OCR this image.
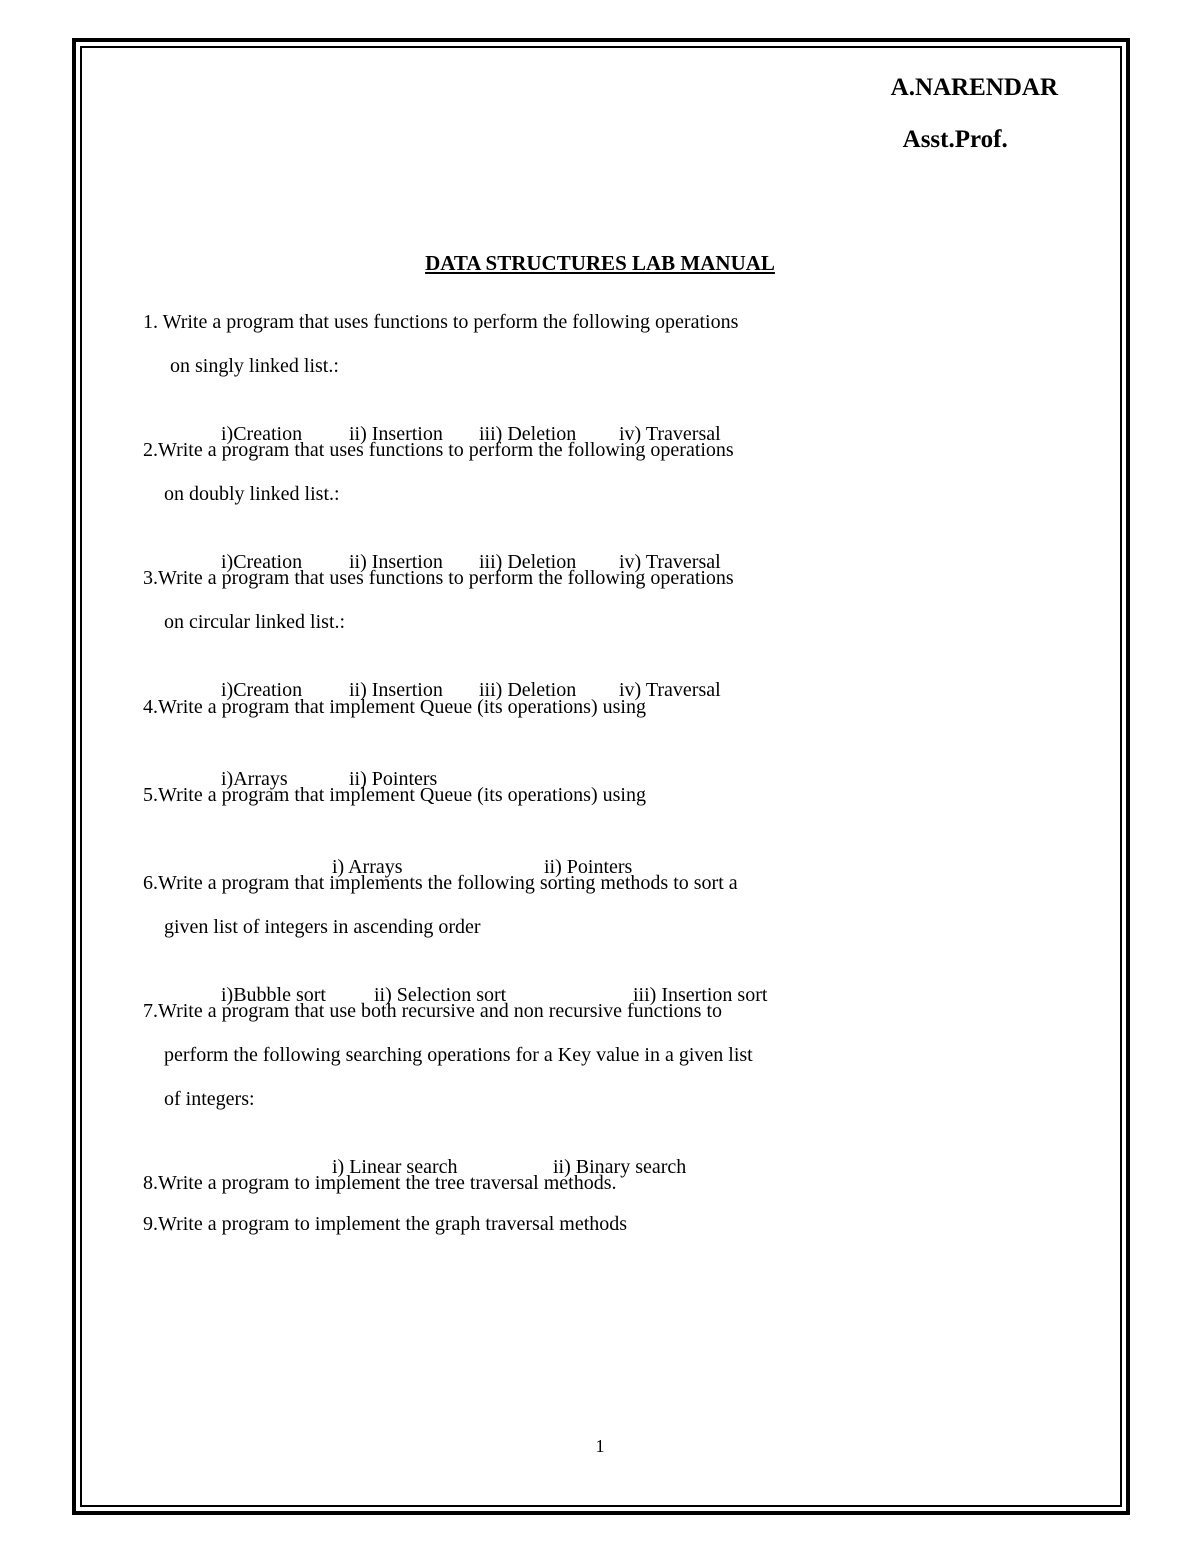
A.NARENDAR
Asst.Prof.
DATA STRUCTURES LAB MANUAL
1. Write a program that uses functions to perform the following operations
on singly linked list.:

i)Creation ii) Insertion iii) Deletion iv) Traversal

2.Write a program that uses functions to perform the following operations
on doubly linked list.:

i)Creation ii) Insertion iii) Deletion iv) Traversal

3.Write a program that uses functions to perform the following operations
on circular linked list.:

i)Creation ii) Insertion iii) Deletion iv) Traversal

4.Write a program that implement Queue (its operations) using

i)Arrays	ii) Pointers

5.Write a program that implement Queue (its operations) using

i) Arrays	ii) Pointers

6.Write a program that implements the following sorting methods to sort a
given list of integers in ascending order

i)Bubble sort ii) Selection sort	iii) Insertion sort

7.Write a program that use both recursive and non recursive functions to
perform the following searching operations for a Key value in a given list
of integers:

i) Linear search	ii) Binary search

8.Write a program to implement the tree traversal methods.
9.Write a program to implement the graph traversal methods
1
